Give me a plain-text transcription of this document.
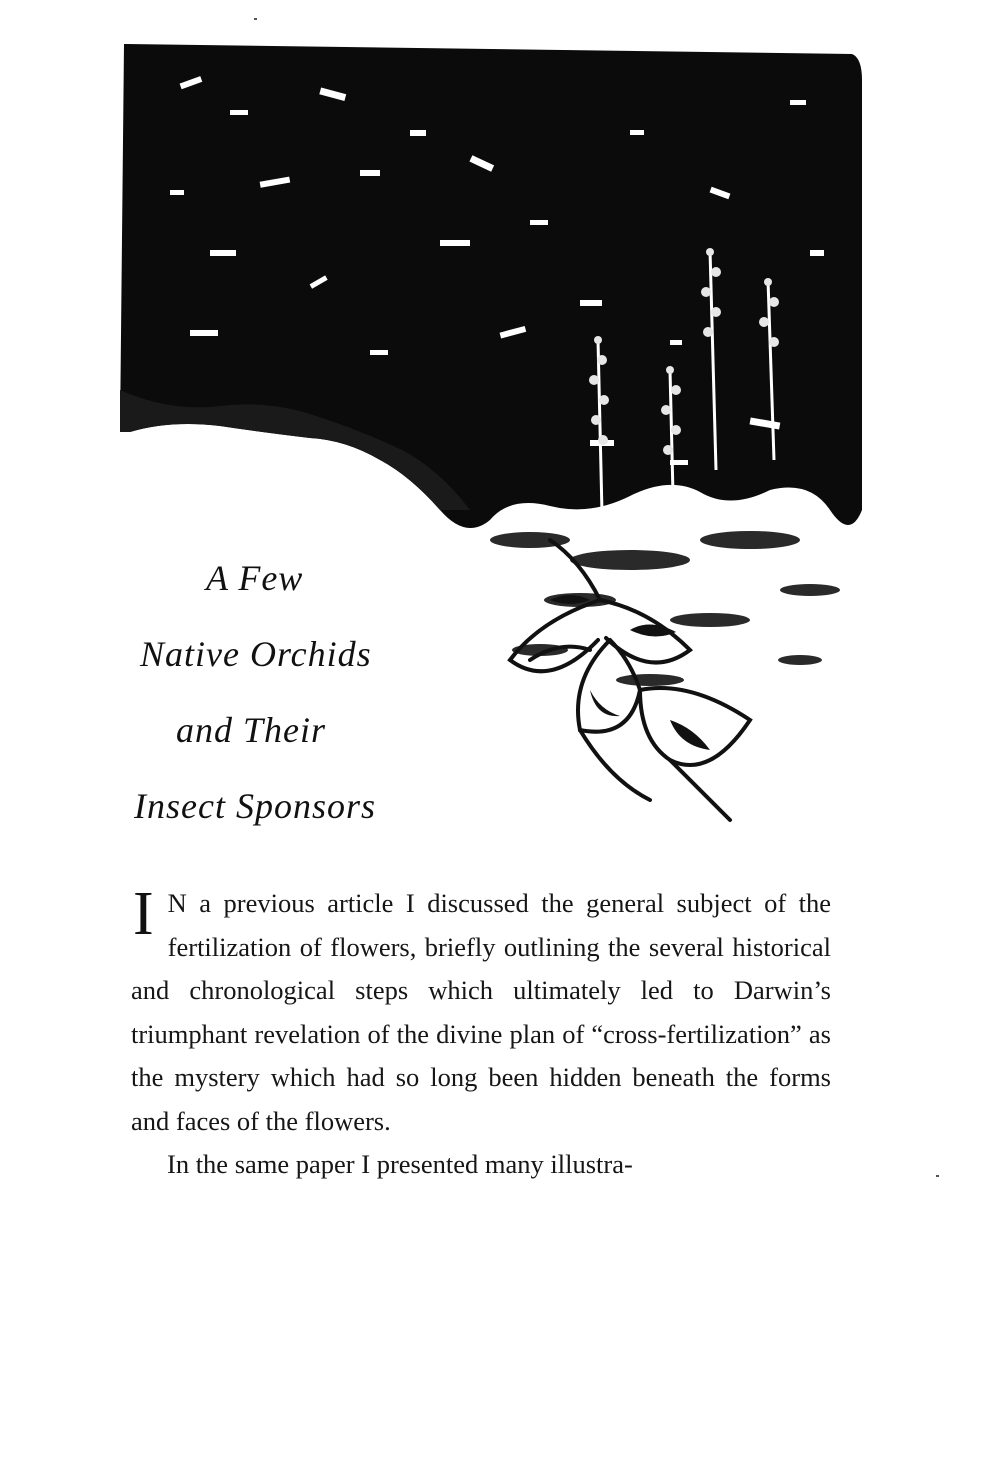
A Few
Native Orchids
and Their
Insect Sponsors

I N a previous article I discussed the general subject of the fertilization of flowers, briefly outlining the several historical and chronological steps which ultimately led to Darwin’s triumphant revelation of the divine plan of “cross-fertilization” as the mystery which had so long been hidden beneath the forms and faces of the flowers.

In the same paper I presented many illustra-
